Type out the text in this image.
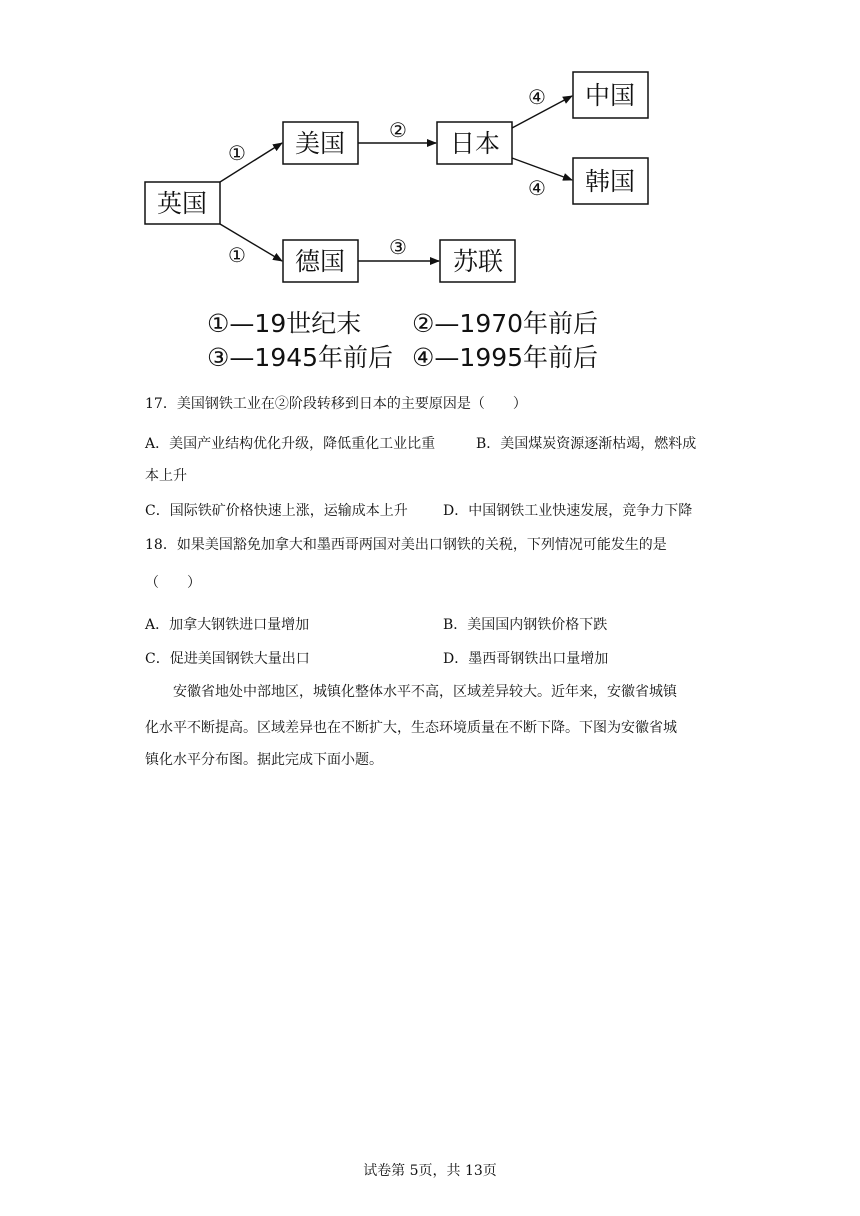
英国
美国
德国
日本
苏联
中国
韩国
①
①
②
③
④
④
①—19世纪末 ②—1970年前后
③—1945年前后 ④—1995年前后
17．美国钢铁工业在②阶段转移到日本的主要原因是（　　）
A．美国产业结构优化升级，降低重化工业比重	B．美国煤炭资源逐渐枯竭，燃料成
本上升
C．国际铁矿价格快速上涨，运输成本上升	D．中国钢铁工业快速发展，竞争力下降
18．如果美国豁免加拿大和墨西哥两国对美出口钢铁的关税，下列情况可能发生的是
（　　）
A．加拿大钢铁进口量增加	B．美国国内钢铁价格下跌
C．促进美国钢铁大量出口	D．墨西哥钢铁出口量增加
安徽省地处中部地区，城镇化整体水平不高，区域差异较大。近年来，安徽省城镇
化水平不断提高。区域差异也在不断扩大，生态环境质量在不断下降。下图为安徽省城
镇化水平分布图。据此完成下面小题。
试卷第 5页，共 13页
